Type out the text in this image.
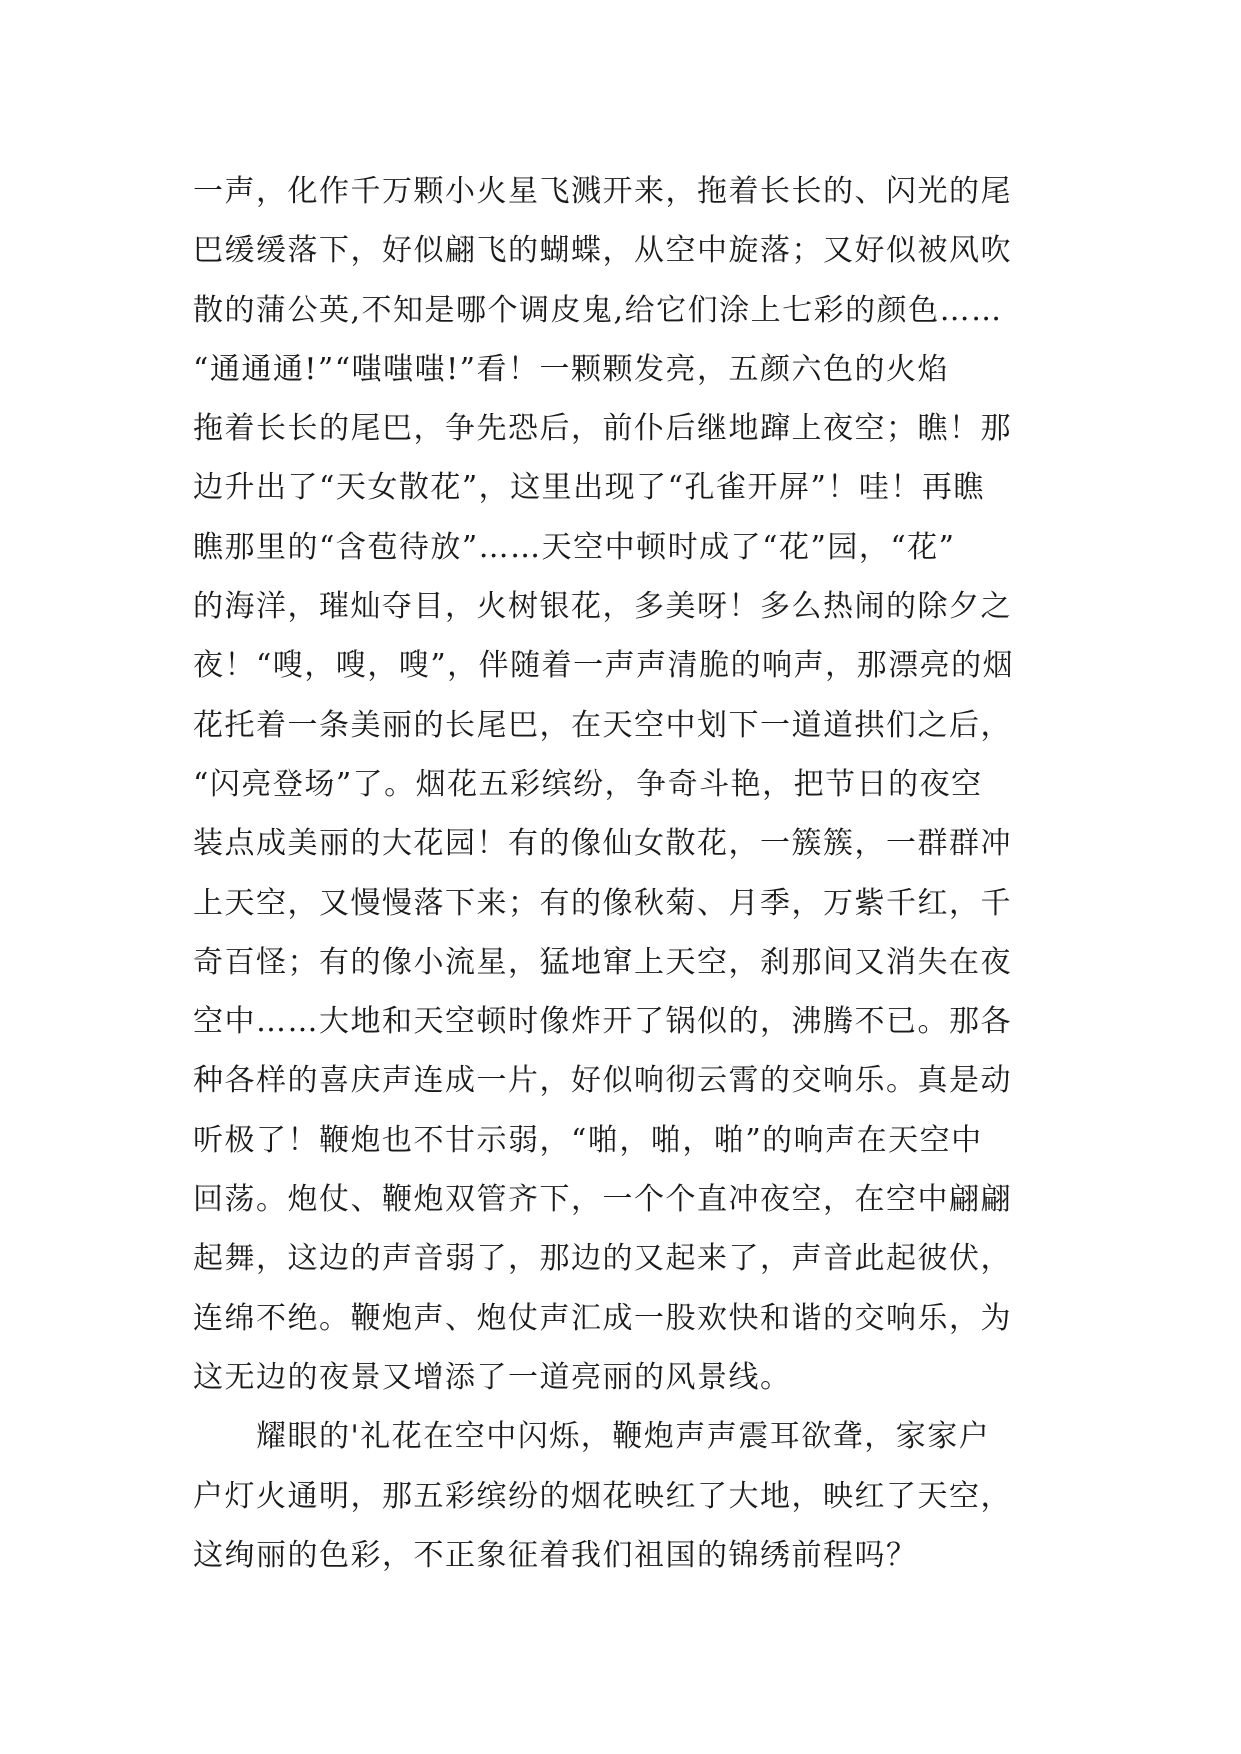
一声，化作千万颗小火星飞溅开来，拖着长长的、闪光的尾
巴缓缓落下，好似翩飞的蝴蝶，从空中旋落；又好似被风吹
散的蒲公英,不知是哪个调皮鬼,给它们涂上七彩的颜色……
“通通通!”“嗤嗤嗤!”看！一颗颗发亮，五颜六色的火焰
拖着长长的尾巴，争先恐后，前仆后继地蹿上夜空；瞧！那
边升出了“天女散花”，这里出现了“孔雀开屏”！哇！再瞧
瞧那里的“含苞待放”……天空中顿时成了“花”园，“花”
的海洋，璀灿夺目，火树银花，多美呀！多么热闹的除夕之
夜！“嗖，嗖，嗖”，伴随着一声声清脆的响声，那漂亮的烟
花托着一条美丽的长尾巴，在天空中划下一道道拱们之后，
“闪亮登场”了。烟花五彩缤纷，争奇斗艳，把节日的夜空
装点成美丽的大花园！有的像仙女散花，一簇簇，一群群冲
上天空，又慢慢落下来；有的像秋菊、月季，万紫千红，千
奇百怪；有的像小流星，猛地窜上天空，刹那间又消失在夜
空中……大地和天空顿时像炸开了锅似的，沸腾不已。那各
种各样的喜庆声连成一片，好似响彻云霄的交响乐。真是动
听极了！鞭炮也不甘示弱，“啪，啪，啪”的响声在天空中
回荡。炮仗、鞭炮双管齐下，一个个直冲夜空，在空中翩翩
起舞，这边的声音弱了，那边的又起来了，声音此起彼伏，
连绵不绝。鞭炮声、炮仗声汇成一股欢快和谐的交响乐，为
这无边的夜景又增添了一道亮丽的风景线。
耀眼的'礼花在空中闪烁，鞭炮声声震耳欲聋，家家户
户灯火通明，那五彩缤纷的烟花映红了大地，映红了天空，
这绚丽的色彩，不正象征着我们祖国的锦绣前程吗？
